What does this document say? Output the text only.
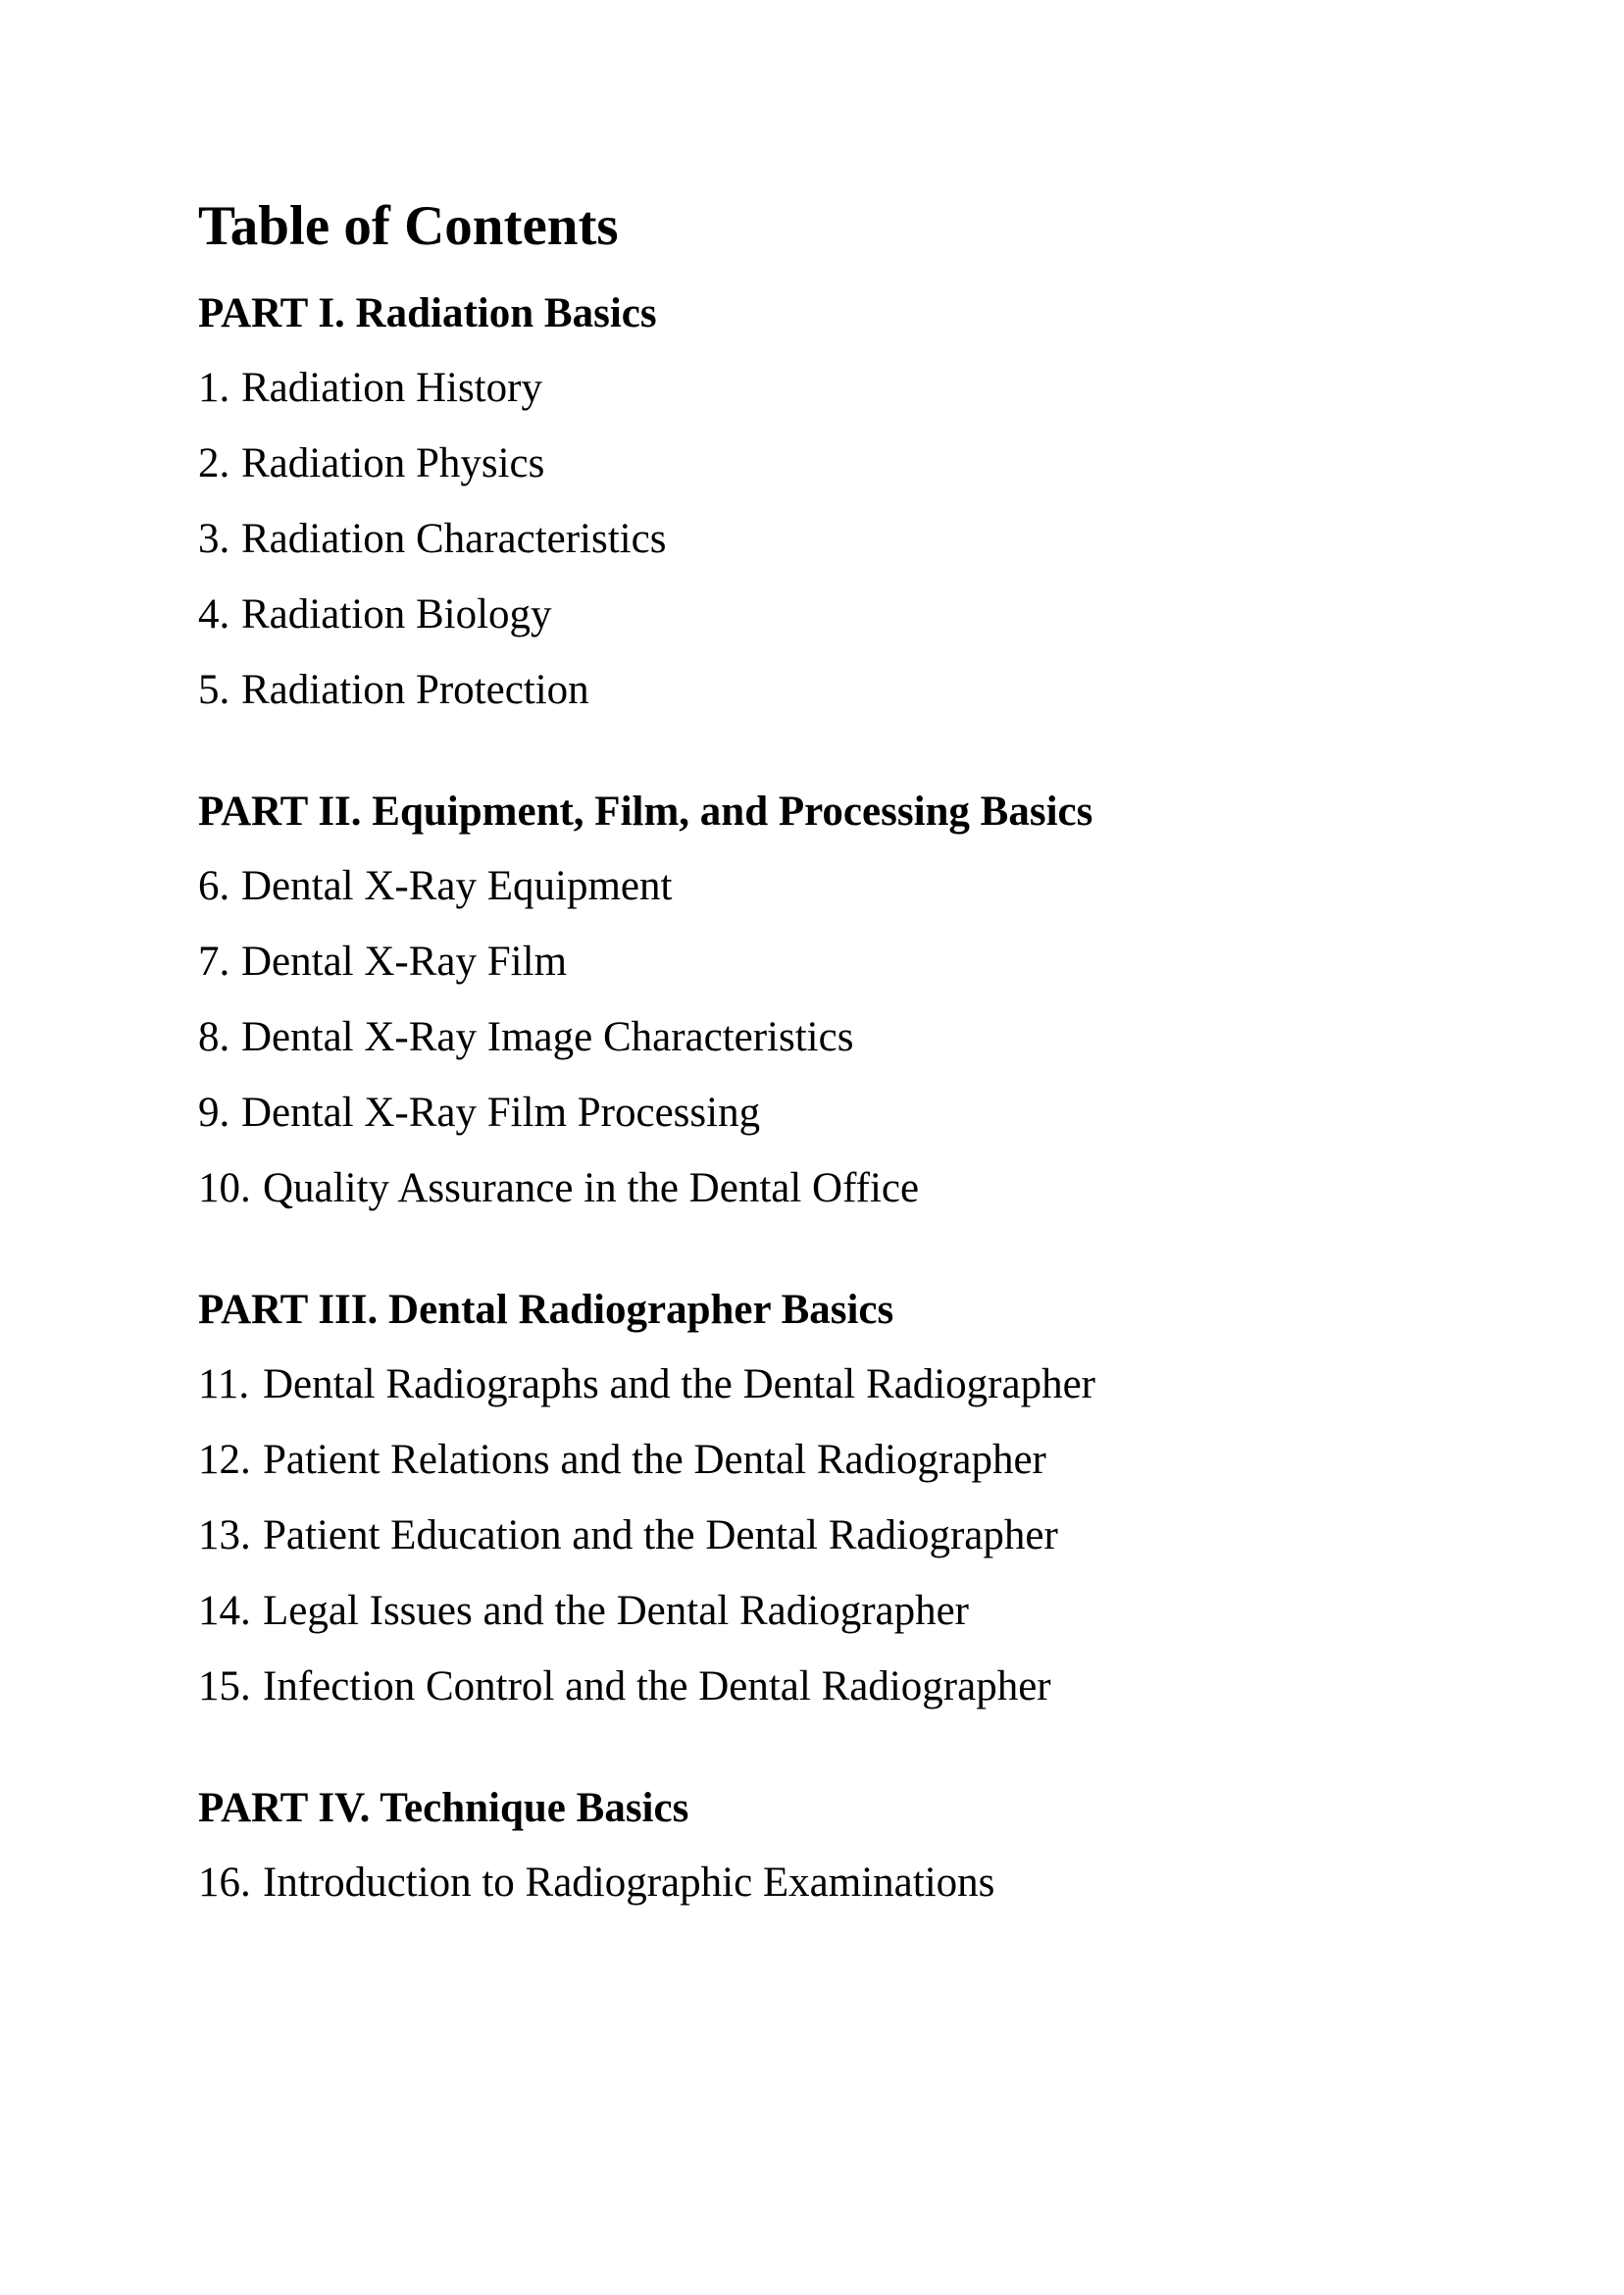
Table of Contents
PART I. Radiation Basics
1. Radiation History
2. Radiation Physics
3. Radiation Characteristics
4. Radiation Biology
5. Radiation Protection
PART II. Equipment, Film, and Processing Basics
6. Dental X-Ray Equipment
7. Dental X-Ray Film
8. Dental X-Ray Image Characteristics
9. Dental X-Ray Film Processing
10. Quality Assurance in the Dental Office
PART III. Dental Radiographer Basics
11. Dental Radiographs and the Dental Radiographer
12. Patient Relations and the Dental Radiographer
13. Patient Education and the Dental Radiographer
14. Legal Issues and the Dental Radiographer
15. Infection Control and the Dental Radiographer
PART IV. Technique Basics
16. Introduction to Radiographic Examinations
